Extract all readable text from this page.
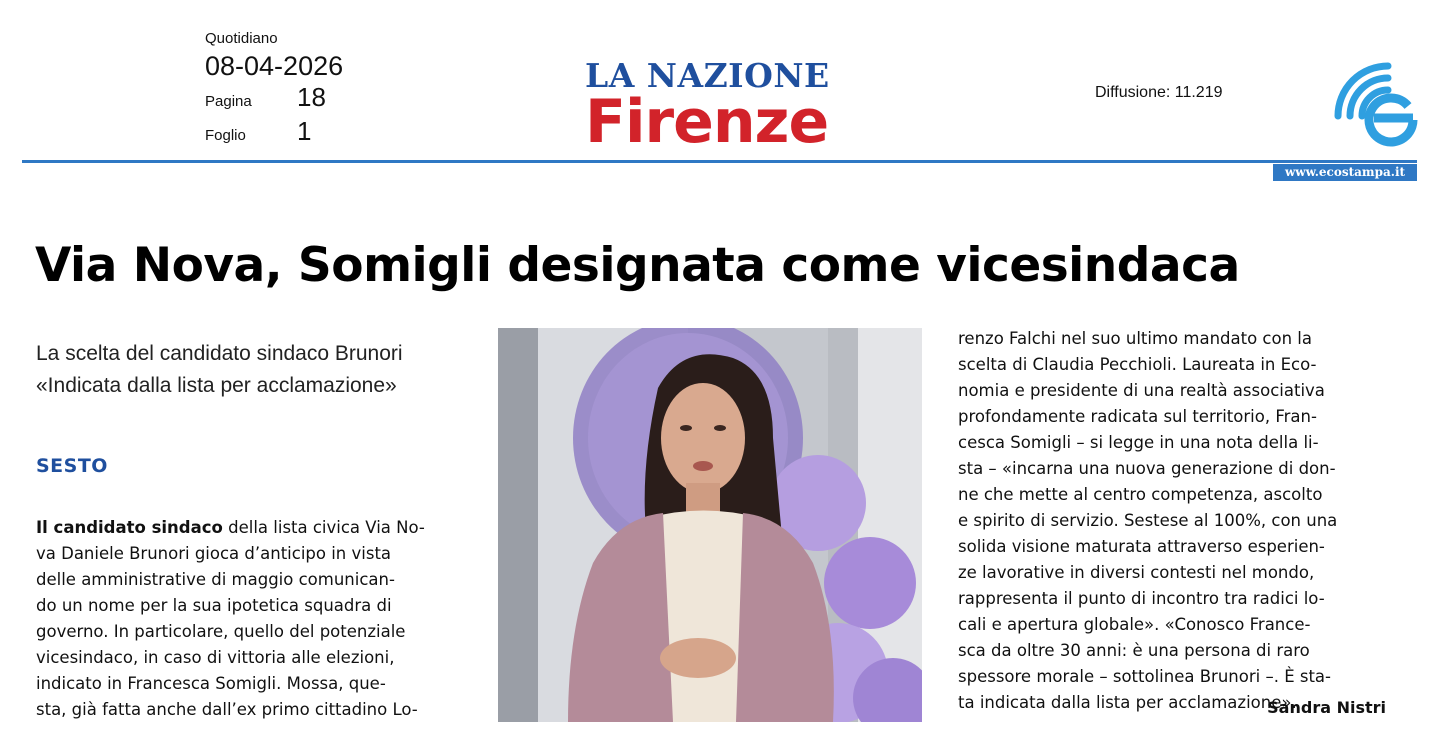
Quotidiano
08-04-2026
Pagina	18
Foglio	1
LA NAZIONE
Firenze	Diffusione: 11.219
www.ecostampa.it
Via Nova, Somigli designata come vicesindaca
La scelta del candidato sindaco Brunori
«Indicata dalla lista per acclamazione»
SESTO
Il candidato sindaco della lista civica Via No-
va Daniele Brunori gioca d’anticipo in vista
delle amministrative di maggio comunican-
do un nome per la sua ipotetica squadra di
governo. In particolare, quello del potenziale
vicesindaco, in caso di vittoria alle elezioni,
indicato in Francesca Somigli. Mossa, que-
sta, già fatta anche dall’ex primo cittadino Lo-
renzo Falchi nel suo ultimo mandato con la
scelta di Claudia Pecchioli. Laureata in Eco-
nomia e presidente di una realtà associativa
profondamente radicata sul territorio, Fran-
cesca Somigli – si legge in una nota della li-
sta – «incarna una nuova generazione di don-
ne che mette al centro competenza, ascolto
e spirito di servizio. Sestese al 100%, con una
solida visione maturata attraverso esperien-
ze lavorative in diversi contesti nel mondo,
rappresenta il punto di incontro tra radici lo-
cali e apertura globale». «Conosco France-
sca da oltre 30 anni: è una persona di raro
spessore morale – sottolinea Brunori –. È sta-
ta indicata dalla lista per acclamazione».
Sandra Nistri
